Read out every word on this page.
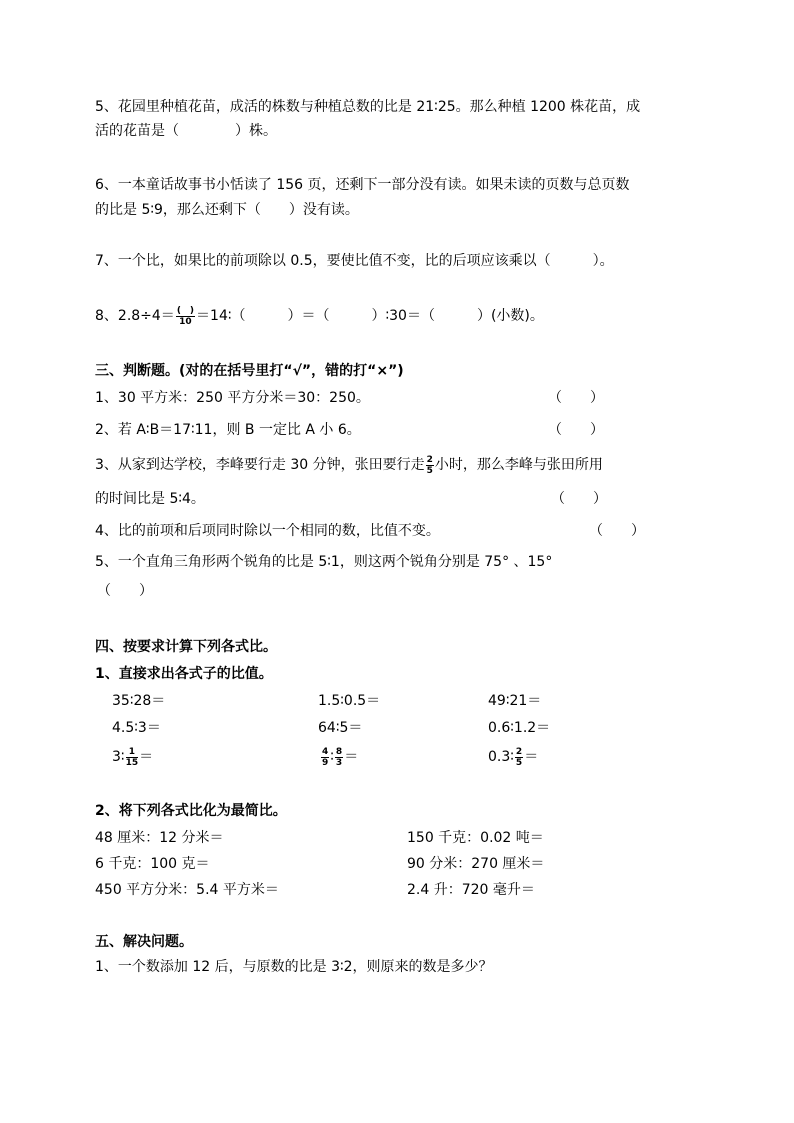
5、花园里种植花苗，成活的株数与种植总数的比是 21∶25。那么种植 1200 株花苗，成
活的花苗是（　　　　）株。
6、一本童话故事书小恬读了 156 页，还剩下一部分没有读。如果未读的页数与总页数
的比是 5∶9，那么还剩下（　　）没有读。
7、一个比，如果比的前项除以 0.5，要使比值不变，比的后项应该乘以（　　　）。
8、$2.8\div 4= \frac{( )}{10}$ ＝14∶（　　　）＝（　　　）∶30＝（　　　）(小数)。
三、判断题。(对的在括号里打“√”，错的打“×”)
1、30 平方米：250 平方分米＝30：250。	（　　）
2、若 A∶B＝17∶11，则 B 一定比 A 小 6。	（　　）
3、从家到达学校，李峰要行走 30 分钟，张田要行走 $\frac{2}{5}$ 小时，那么李峰与张田所用
的时间比是 5∶4。	（　　）
4、比的前项和后项同时除以一个相同的数，比值不变。	（　　）
5、一个直角三角形两个锐角的比是 5∶1，则这两个锐角分别是 75° 、15°
（　　）
四、按要求计算下列各式比。
1、直接求出各式子的比值。
35∶28＝	1.5∶0.5＝	49∶21＝
4.5∶3＝	64∶5＝	0.6∶1.2＝
3∶ $\frac{1}{15}$ ＝	$\frac{4}{9}$ ∶ $\frac{8}{3}$ ＝	0.3∶ $\frac{2}{5}$ ＝
2、将下列各式比化为最简比。
48 厘米：12 分米＝	150 千克：0.02 吨＝
6 千克：100 克＝	90 分米：270 厘米＝
450 平方分米：5.4 平方米＝	2.4 升：720 毫升＝
五、解决问题。
1、一个数添加 12 后，与原数的比是 3∶2，则原来的数是多少？
